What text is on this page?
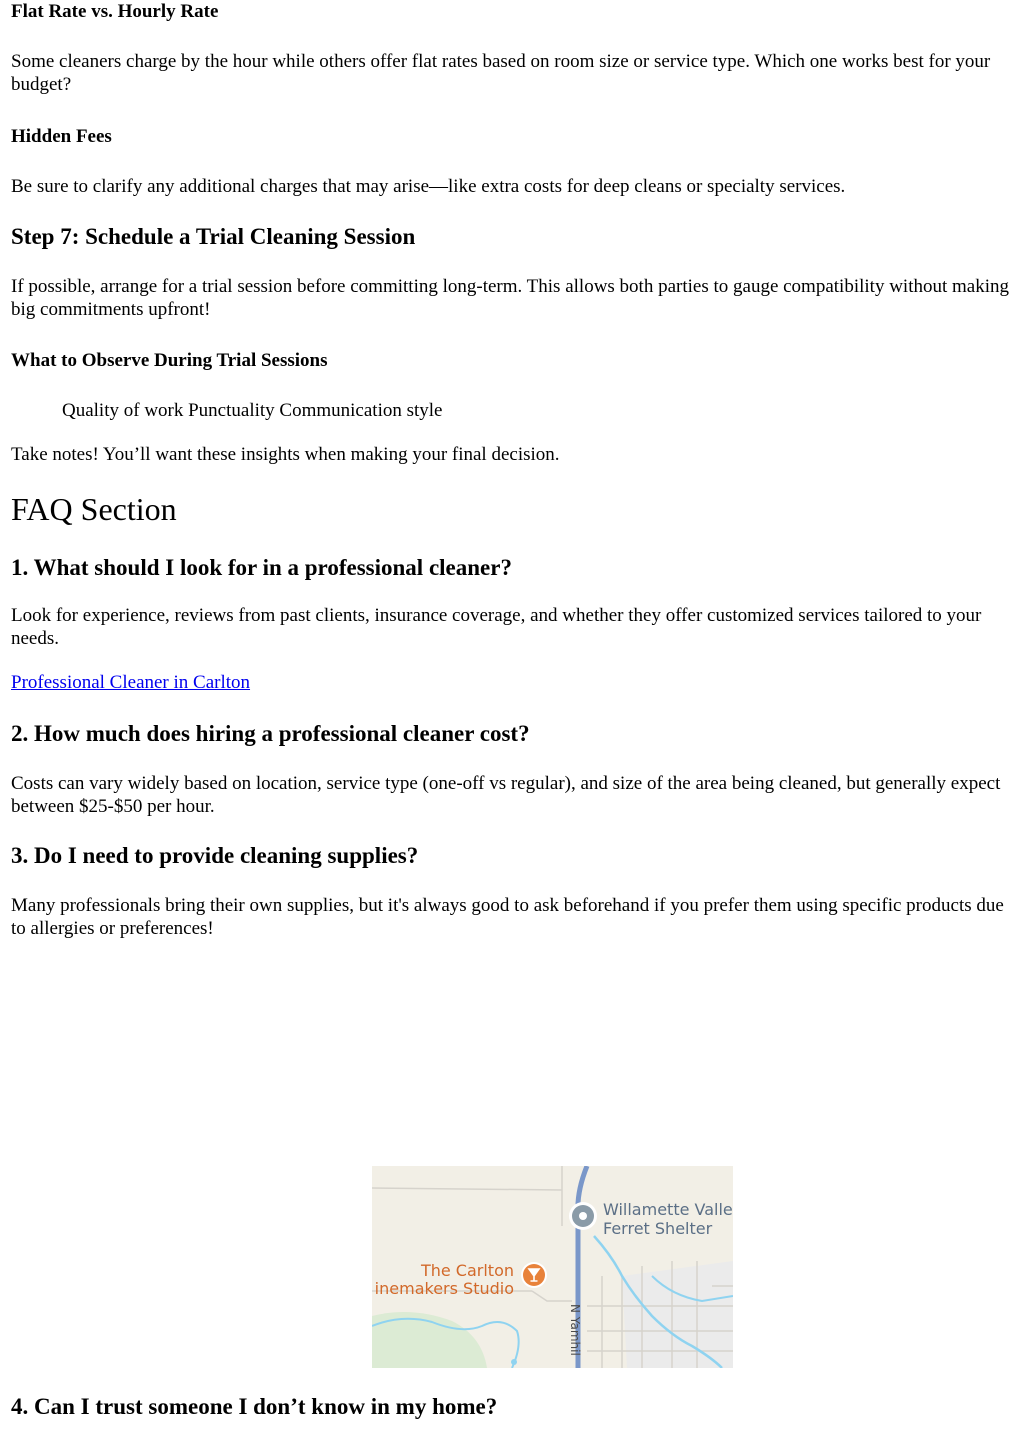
Flat Rate vs. Hourly Rate

Some cleaners charge by the hour while others offer flat rates based on room size or service type. Which one works best for your budget?

Hidden Fees

Be sure to clarify any additional charges that may arise—like extra costs for deep cleans or specialty services.

Step 7: Schedule a Trial Cleaning Session

If possible, arrange for a trial session before committing long-term. This allows both parties to gauge compatibility without making big commitments upfront!

What to Observe During Trial Sessions

Quality of work Punctuality Communication style

Take notes! You’ll want these insights when making your final decision.

FAQ Section
1. What should I look for in a professional cleaner?

Look for experience, reviews from past clients, insurance coverage, and whether they offer customized services tailored to your needs.

Professional Cleaner in Carlton
2. How much does hiring a professional cleaner cost?

Costs can vary widely based on location, service type (one-off vs regular), and size of the area being cleaned, but generally expect between $25-$50 per hour.

3. Do I need to provide cleaning supplies?

Many professionals bring their own supplies, but it's always good to ask beforehand if you prefer them using specific products due to allergies or preferences!

4. Can I trust someone I don’t know in my home?
Willamette Valle
Ferret Shelter
The Carlton
inemakers Studio
N Yamhil
